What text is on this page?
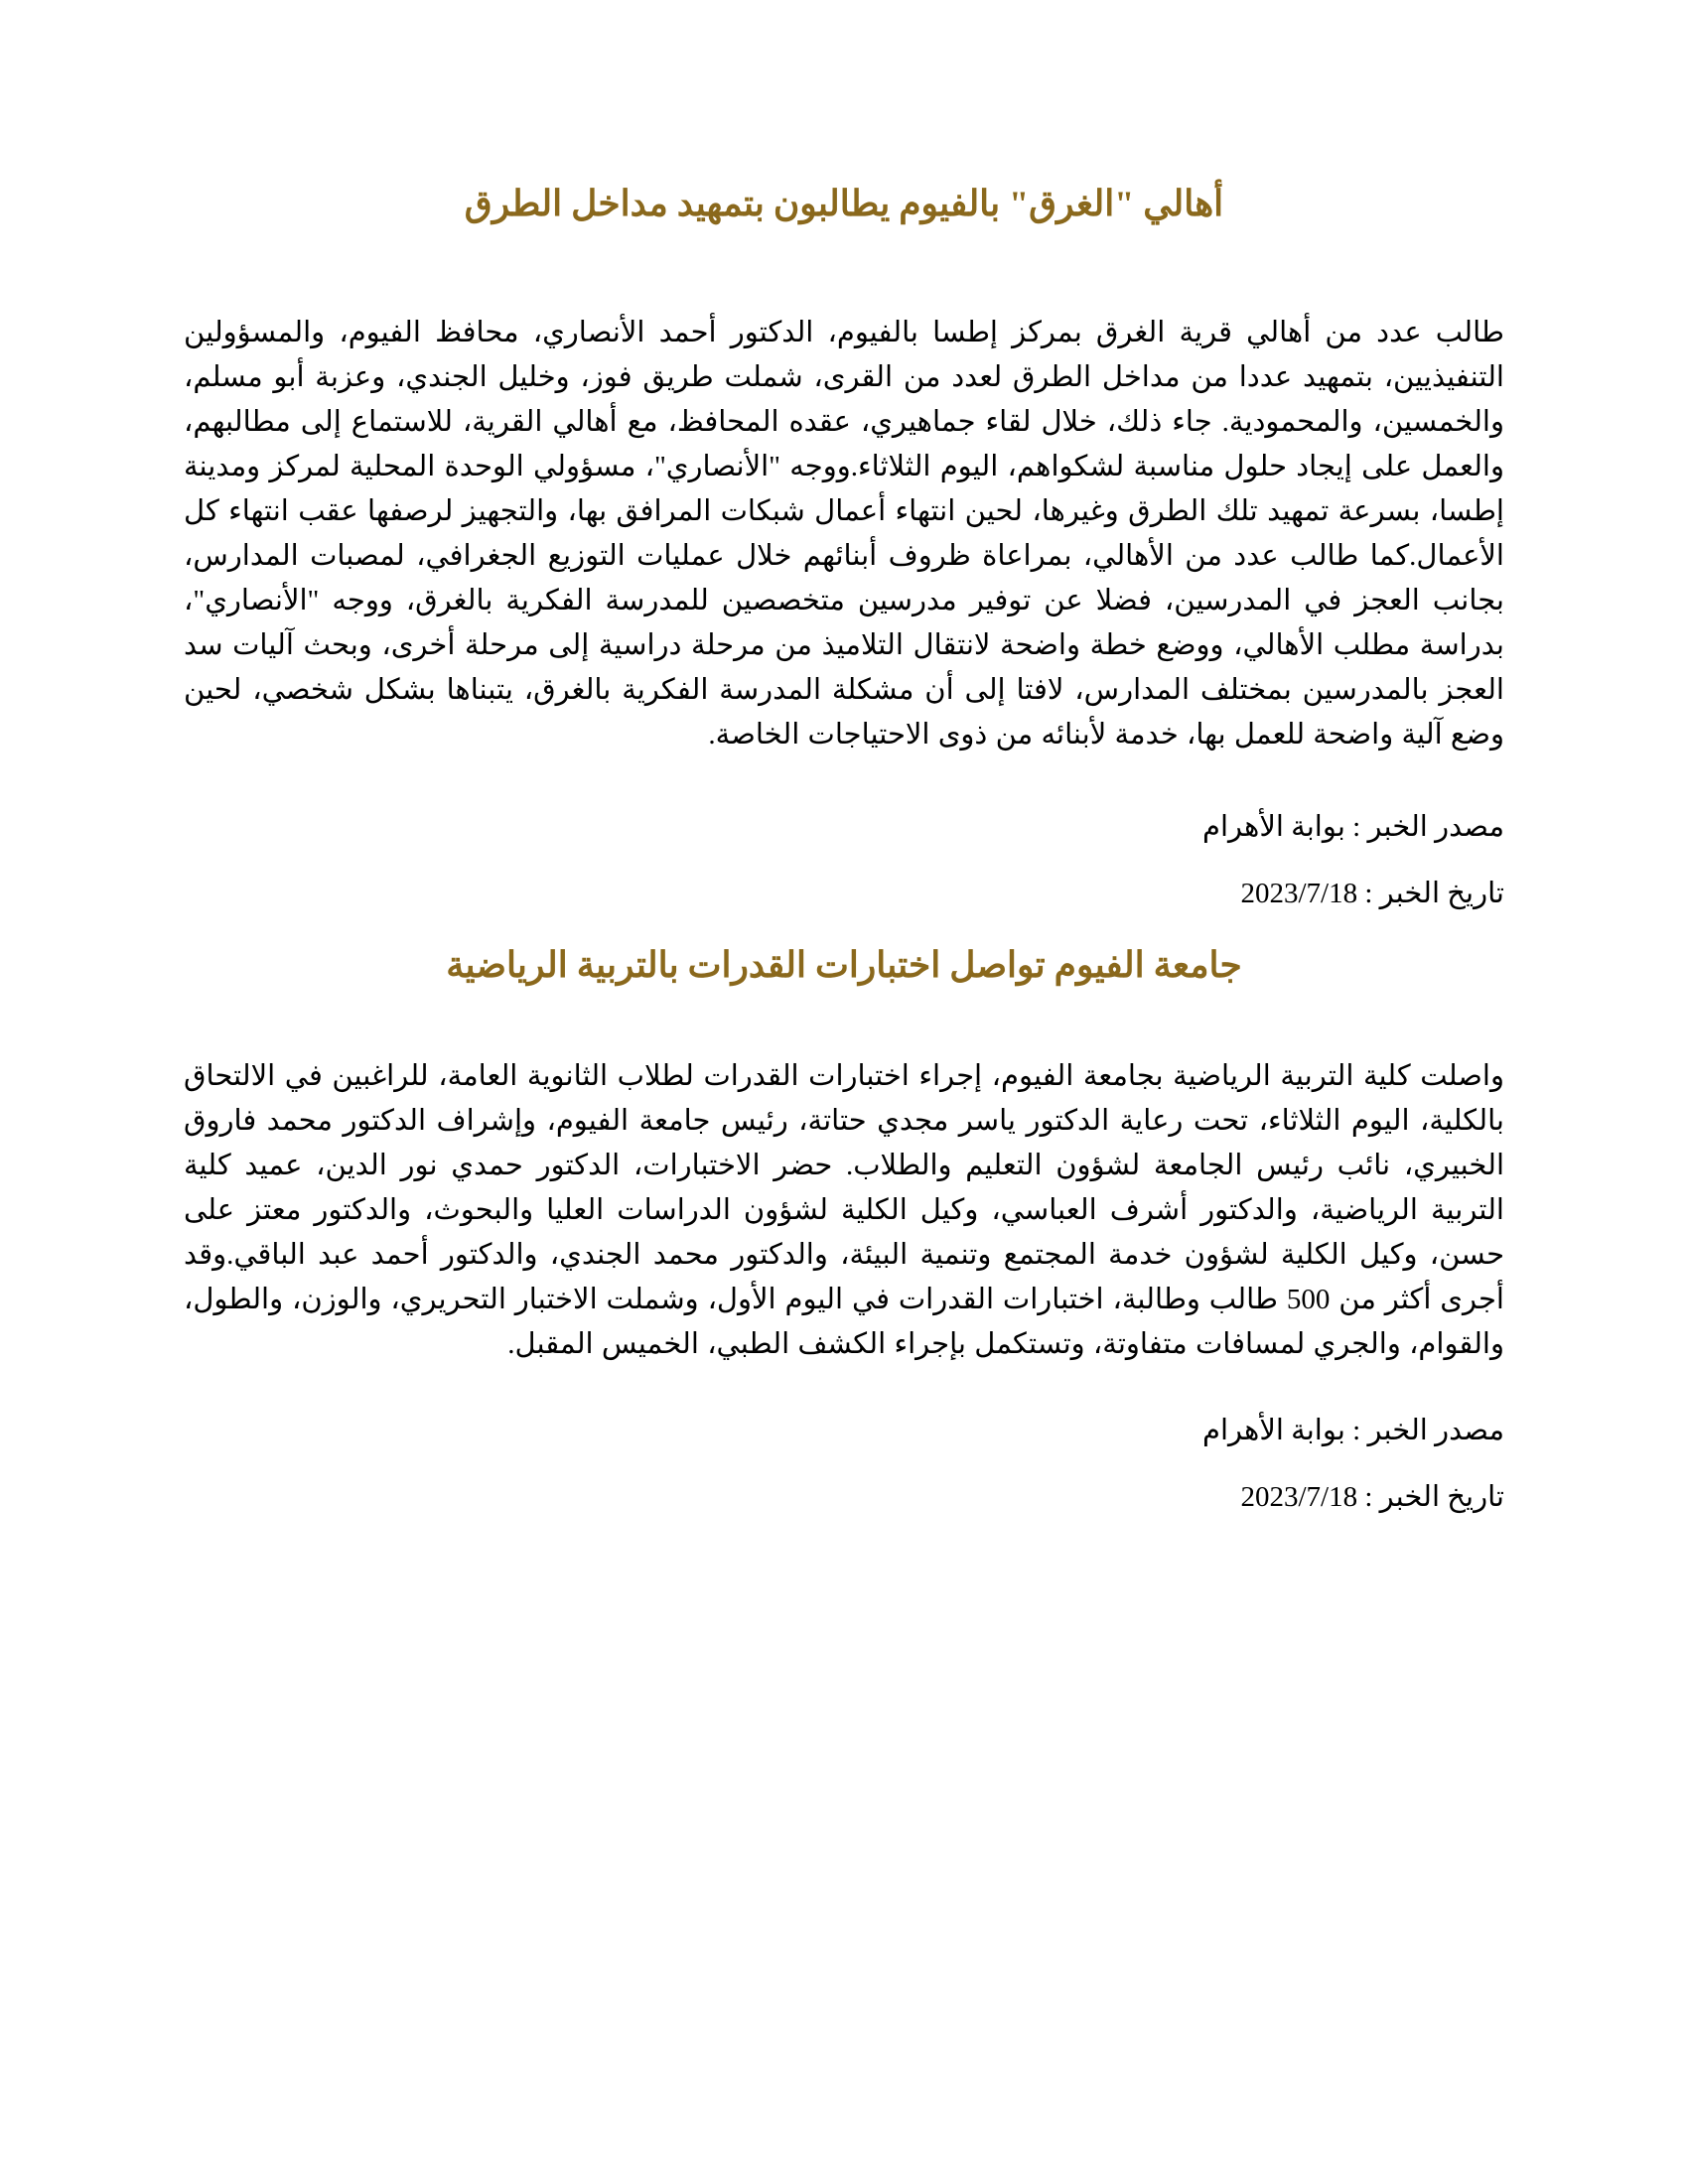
أهالي "الغرق" بالفيوم يطالبون بتمهيد مداخل الطرق

طالب عدد من أهالي قرية الغرق بمركز إطسا بالفيوم، الدكتور أحمد الأنصاري، محافظ الفيوم، والمسؤولين التنفيذيين، بتمهيد عددا من مداخل الطرق لعدد من القرى، شملت طريق فوز، وخليل الجندي، وعزبة أبو مسلم، والخمسين، والمحمودية. جاء ذلك، خلال لقاء جماهيري، عقده المحافظ، مع أهالي القرية، للاستماع إلى مطالبهم، والعمل على إيجاد حلول مناسبة لشكواهم، اليوم الثلاثاء.ووجه "الأنصاري"، مسؤولي الوحدة المحلية لمركز ومدينة إطسا، بسرعة تمهيد تلك الطرق وغيرها، لحين انتهاء أعمال شبكات المرافق بها، والتجهيز لرصفها عقب انتهاء كل الأعمال.كما طالب عدد من الأهالي، بمراعاة ظروف أبنائهم خلال عمليات التوزيع الجغرافي، لمصبات المدارس، بجانب العجز في المدرسين، فضلا عن توفير مدرسين متخصصين للمدرسة الفكرية بالغرق، ووجه "الأنصاري"، بدراسة مطلب الأهالي، ووضع خطة واضحة لانتقال التلاميذ من مرحلة دراسية إلى مرحلة أخرى، وبحث آليات سد العجز بالمدرسين بمختلف المدارس، لافتا إلى أن مشكلة المدرسة الفكرية بالغرق، يتبناها بشكل شخصي، لحين وضع آلية واضحة للعمل بها، خدمة لأبنائه من ذوى الاحتياجات الخاصة.

مصدر الخبر : بوابة الأهرام

تاريخ الخبر : 2023/7/18

جامعة الفيوم تواصل اختبارات القدرات بالتربية الرياضية

واصلت كلية التربية الرياضية بجامعة الفيوم، إجراء اختبارات القدرات لطلاب الثانوية العامة، للراغبين في الالتحاق بالكلية، اليوم الثلاثاء، تحت رعاية الدكتور ياسر مجدي حتاتة، رئيس جامعة الفيوم، وإشراف الدكتور محمد فاروق الخبيري، نائب رئيس الجامعة لشؤون التعليم والطلاب. حضر الاختبارات، الدكتور حمدي نور الدين، عميد كلية التربية الرياضية، والدكتور أشرف العباسي، وكيل الكلية لشؤون الدراسات العليا والبحوث، والدكتور معتز على حسن، وكيل الكلية لشؤون خدمة المجتمع وتنمية البيئة، والدكتور محمد الجندي، والدكتور أحمد عبد الباقي.وقد أجرى أكثر من 500 طالب وطالبة، اختبارات القدرات في اليوم الأول، وشملت الاختبار التحريري، والوزن، والطول، والقوام، والجري لمسافات متفاوتة، وتستكمل بإجراء الكشف الطبي، الخميس المقبل.

مصدر الخبر : بوابة الأهرام

تاريخ الخبر : 2023/7/18
